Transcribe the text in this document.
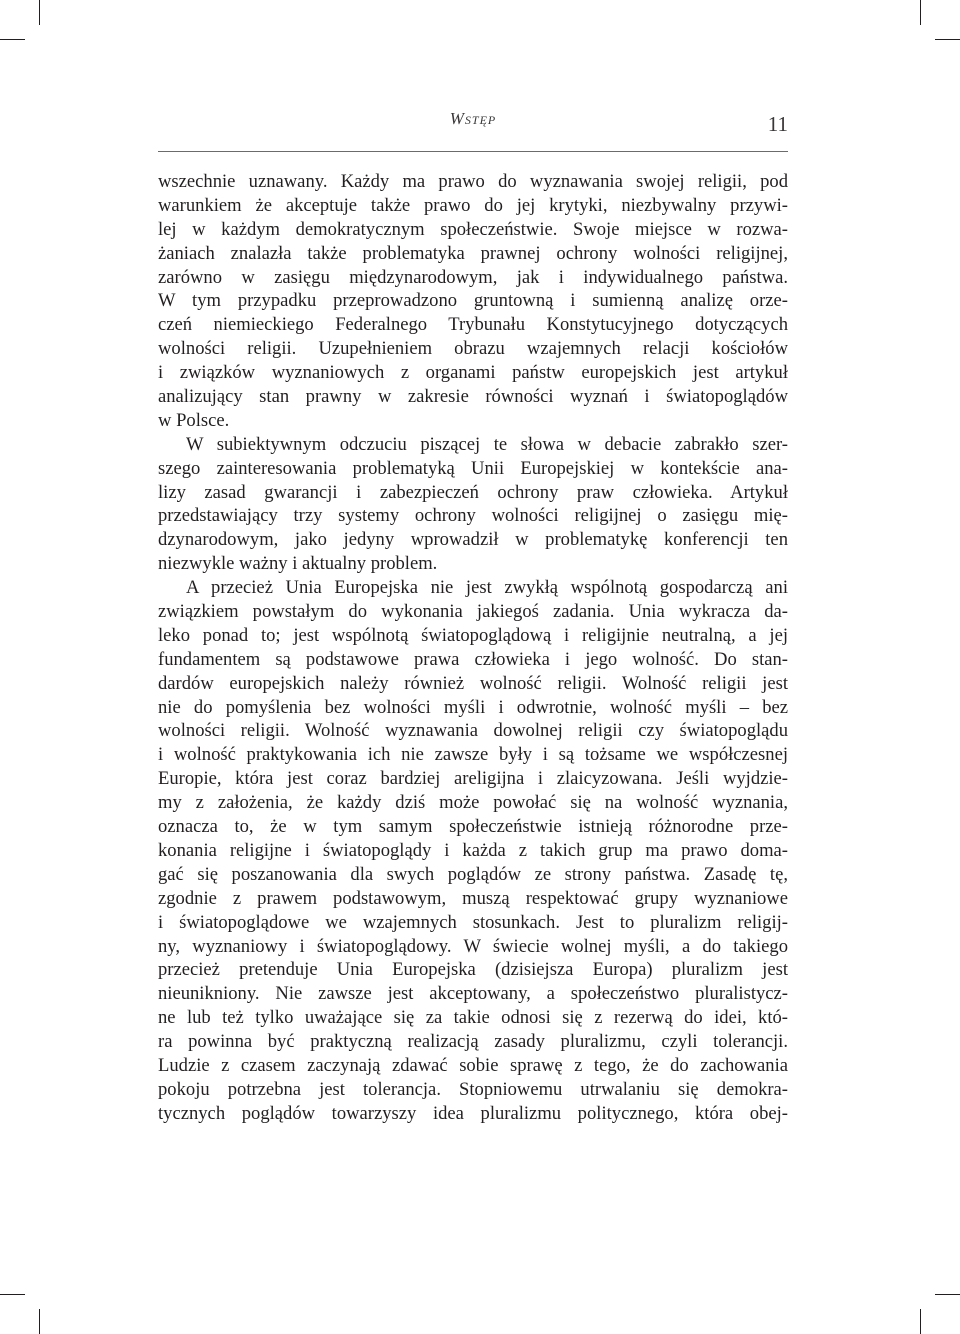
Wstęp	11
wszechnie uznawany. Każdy ma prawo do wyznawania swojej religii, pod
warunkiem że akceptuje także prawo do jej krytyki, niezbywalny przywi-
lej w każdym demokratycznym społeczeństwie. Swoje miejsce w rozwa-
żaniach znalazła także problematyka prawnej ochrony wolności religijnej,
zarówno w zasięgu międzynarodowym, jak i indywidualnego państwa.
W tym przypadku przeprowadzono gruntowną i sumienną analizę orze-
czeń niemieckiego Federalnego Trybunału Konstytucyjnego dotyczących
wolności religii. Uzupełnieniem obrazu wzajemnych relacji kościołów
i związków wyznaniowych z organami państw europejskich jest artykuł
analizujący stan prawny w zakresie równości wyznań i światopoglądów
w Polsce.
W subiektywnym odczuciu piszącej te słowa w debacie zabrakło szer-
szego zainteresowania problematyką Unii Europejskiej w kontekście ana-
lizy zasad gwarancji i zabezpieczeń ochrony praw człowieka. Artykuł
przedstawiający trzy systemy ochrony wolności religijnej o zasięgu mię-
dzynarodowym, jako jedyny wprowadził w problematykę konferencji ten
niezwykle ważny i aktualny problem.
A przecież Unia Europejska nie jest zwykłą wspólnotą gospodarczą ani
związkiem powstałym do wykonania jakiegoś zadania. Unia wykracza da-
leko ponad to; jest wspólnotą światopoglądową i religijnie neutralną, a jej
fundamentem są podstawowe prawa człowieka i jego wolność. Do stan-
dardów europejskich należy również wolność religii. Wolność religii jest
nie do pomyślenia bez wolności myśli i odwrotnie, wolność myśli – bez
wolności religii. Wolność wyznawania dowolnej religii czy światopoglądu
i wolność praktykowania ich nie zawsze były i są tożsame we współczesnej
Europie, która jest coraz bardziej areligijna i zlaicyzowana. Jeśli wyjdzie-
my z założenia, że każdy dziś może powołać się na wolność wyznania,
oznacza to, że w tym samym społeczeństwie istnieją różnorodne prze-
konania religijne i światopoglądy i każda z takich grup ma prawo doma-
gać się poszanowania dla swych poglądów ze strony państwa. Zasadę tę,
zgodnie z prawem podstawowym, muszą respektować grupy wyznaniowe
i światopoglądowe we wzajemnych stosunkach. Jest to pluralizm religij-
ny, wyznaniowy i światopoglądowy. W świecie wolnej myśli, a do takiego
przecież pretenduje Unia Europejska (dzisiejsza Europa) pluralizm jest
nieunikniony. Nie zawsze jest akceptowany, a społeczeństwo pluralistycz-
ne lub też tylko uważające się za takie odnosi się z rezerwą do idei, któ-
ra powinna być praktyczną realizacją zasady pluralizmu, czyli tolerancji.
Ludzie z czasem zaczynają zdawać sobie sprawę z tego, że do zachowania
pokoju potrzebna jest tolerancja. Stopniowemu utrwalaniu się demokra-
tycznych poglądów towarzyszy idea pluralizmu politycznego, która obej-
